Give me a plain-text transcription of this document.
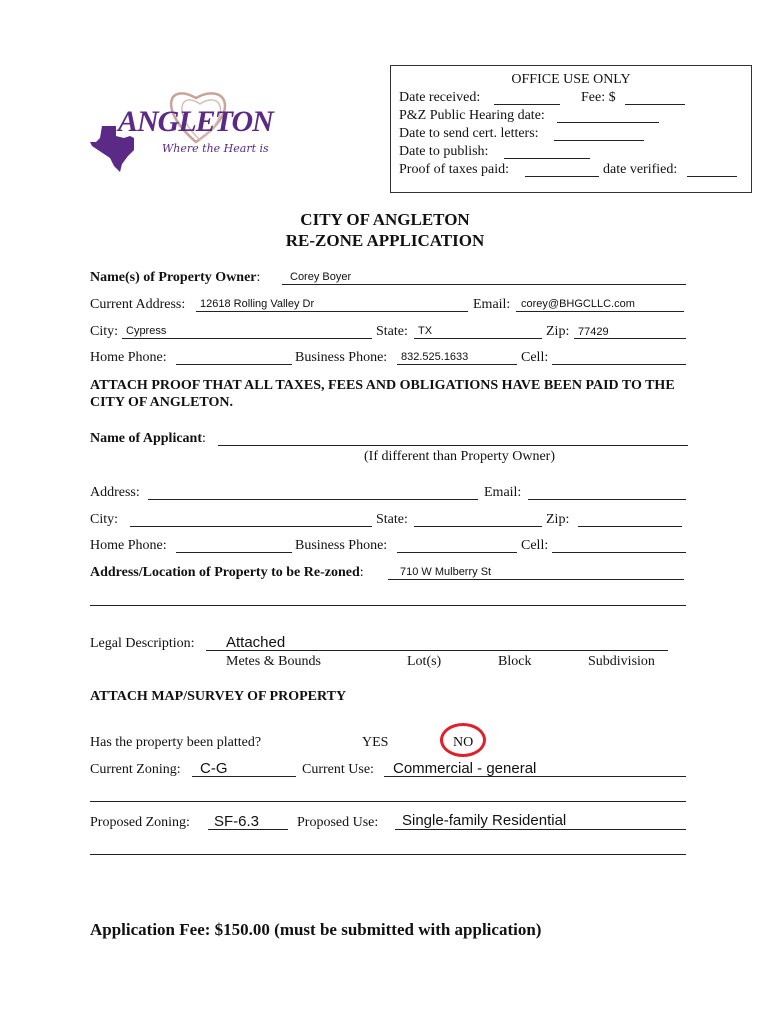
OFFICE USE ONLY
Date received:	Fee: $
P&Z Public Hearing date:
Date to send cert. letters:
Date to publish:
Proof of taxes paid:	date verified:
ANGLETON
Where the Heart is
CITY OF ANGLETON
RE-ZONE APPLICATION
Name(s) of Property Owner:	Corey Boyer
Current Address: 12618 Rolling Valley Dr	Email: corey@BHGCLLC.com
City: Cypress	State: TX	Zip: 77429
Home Phone:	Business Phone: 832.525.1633	Cell:
ATTACH PROOF THAT ALL TAXES, FEES AND OBLIGATIONS HAVE BEEN PAID TO THE CITY OF ANGLETON.
Name of Applicant:
(If different than Property Owner)
Address:	Email:
City:	State:	Zip:
Home Phone:	Business Phone:	Cell:
Address/Location of Property to be Re-zoned:	710 W Mulberry St
Legal Description: Attached
Metes & Bounds	Lot(s)	Block	Subdivision
ATTACH MAP/SURVEY OF PROPERTY
Has the property been platted?	YES	NO
Current Zoning: C-G	Current Use: Commercial - general
Proposed Zoning: SF-6.3	Proposed Use: Single-family Residential
Application Fee: $150.00 (must be submitted with application)
